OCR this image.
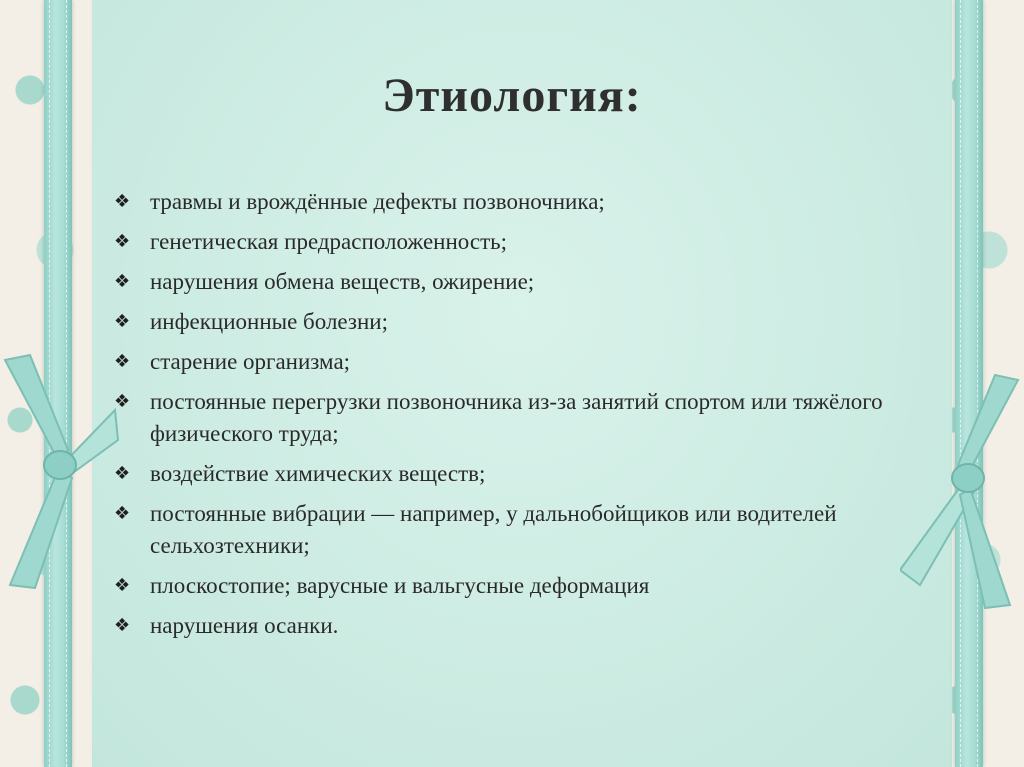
Этиология:
❖ травмы и врождённые дефекты позвоночника;
❖ генетическая предрасположенность;
❖ нарушения обмена веществ, ожирение;
❖ инфекционные болезни;
❖ старение организма;
❖ постоянные перегрузки позвоночника из-за занятий спортом или тяжёлого физического труда;
❖ воздействие химических веществ;
❖ постоянные вибрации — например, у дальнобойщиков или водителей сельхозтехники;
❖ плоскостопие; варусные и вальгусные деформация
❖ нарушения осанки.
